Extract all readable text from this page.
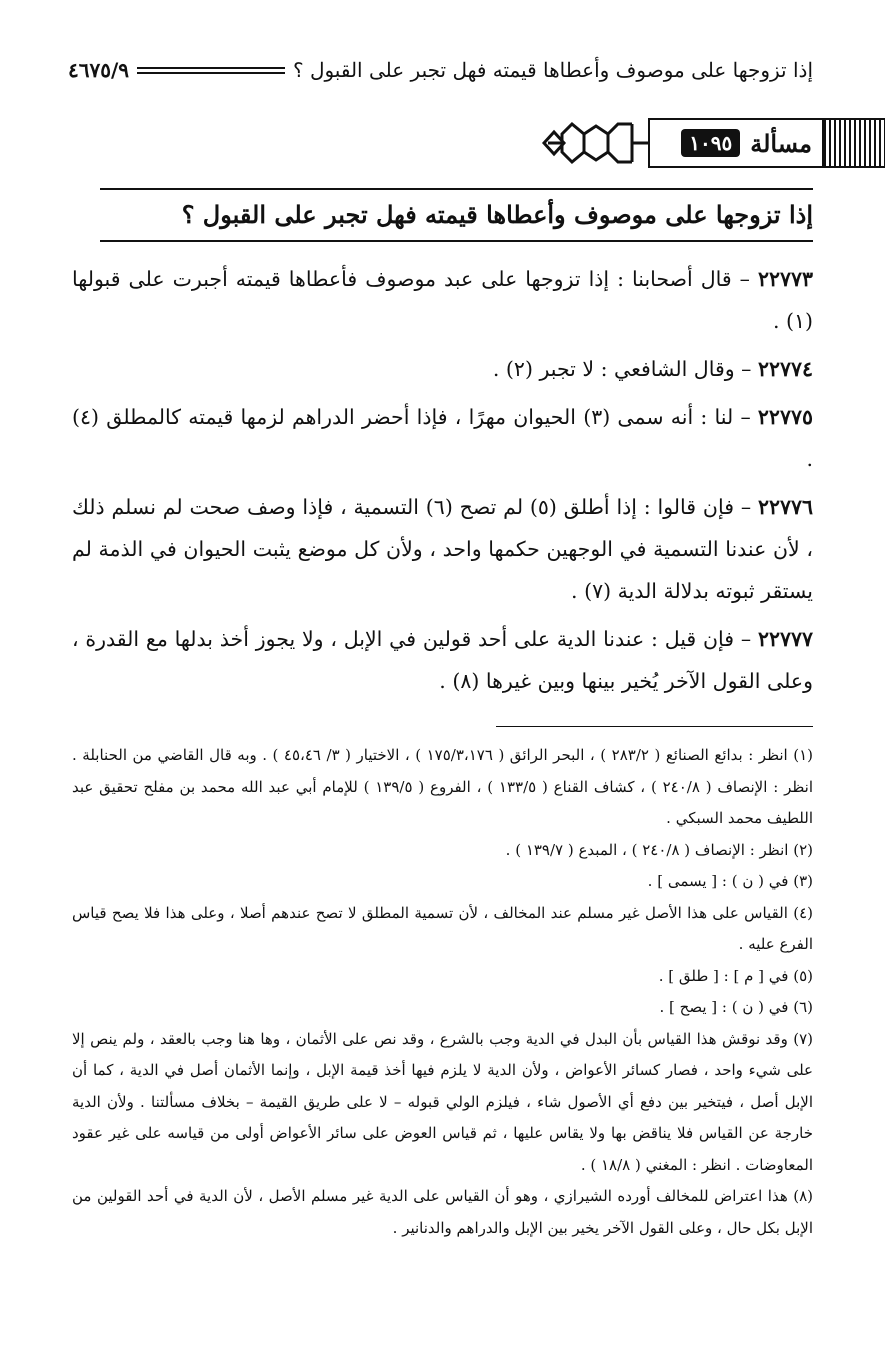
إذا تزوجها على موصوف وأعطاها قيمته فهل تجبر على القبول ؟
٤٦٧٥/٩
مسألة
١٠٩٥
إذا تزوجها على موصوف وأعطاها قيمته فهل تجبر على القبول ؟

٢٢٧٧٣ – قال أصحابنا : إذا تزوجها على عبد موصوف فأعطاها قيمته أجبرت على قبولها (١) .

٢٢٧٧٤ – وقال الشافعي : لا تجبر (٢) .

٢٢٧٧٥ – لنا : أنه سمى (٣) الحيوان مهرًا ، فإذا أحضر الدراهم لزمها قيمته كالمطلق (٤) .

٢٢٧٧٦ – فإن قالوا : إذا أطلق (٥) لم تصح (٦) التسمية ، فإذا وصف صحت لم نسلم ذلك ، لأن عندنا التسمية في الوجهين حكمها واحد ، ولأن كل موضع يثبت الحيوان في الذمة لم يستقر ثبوته بدلالة الدية (٧) .

٢٢٧٧٧ – فإن قيل : عندنا الدية على أحد قولين في الإبل ، ولا يجوز أخذ بدلها مع القدرة ، وعلى القول الآخر يُخير بينها وبين غيرها (٨) .

(١) انظر : بدائع الصنائع ( ٢٨٣/٢ ) ، البحر الرائق ( ١٧٥/٣،١٧٦ ) ، الاختيار ( ٣/ ٤٥،٤٦ ) . وبه قال القاضي من الحنابلة . انظر : الإنصاف ( ٢٤٠/٨ ) ، كشاف القناع ( ١٣٣/٥ ) ، الفروع ( ١٣٩/٥ ) للإمام أبي عبد الله محمد بن مفلح تحقيق عبد اللطيف محمد السبكي .

(٢) انظر : الإنصاف ( ٢٤٠/٨ ) ، المبدع ( ١٣٩/٧ ) .

(٣) في ( ن ) : [ يسمى ] .

(٤) القياس على هذا الأصل غير مسلم عند المخالف ، لأن تسمية المطلق لا تصح عندهم أصلا ، وعلى هذا فلا يصح قياس الفرع عليه .

(٥) في [ م ] : [ طلق ] .

(٦) في ( ن ) : [ يصح ] .

(٧) وقد نوقش هذا القياس بأن البدل في الدية وجب بالشرع ، وقد نص على الأثمان ، وها هنا وجب بالعقد ، ولم ينص إلا على شيء واحد ، فصار كسائر الأعواض ، ولأن الدية لا يلزم فيها أخذ قيمة الإبل ، وإنما الأثمان أصل في الدية ، كما أن الإبل أصل ، فيتخير بين دفع أي الأصول شاء ، فيلزم الولي قبوله – لا على طريق القيمة – بخلاف مسألتنا . ولأن الدية خارجة عن القياس فلا يناقض بها ولا يقاس عليها ، ثم قياس العوض على سائر الأعواض أولى من قياسه على غير عقود المعاوضات . انظر : المغني ( ١٨/٨ ) .

(٨) هذا اعتراض للمخالف أورده الشيرازي ، وهو أن القياس على الدية غير مسلم الأصل ، لأن الدية في أحد القولين من الإبل بكل حال ، وعلى القول الآخر يخير بين الإبل والدراهم والدنانير .
